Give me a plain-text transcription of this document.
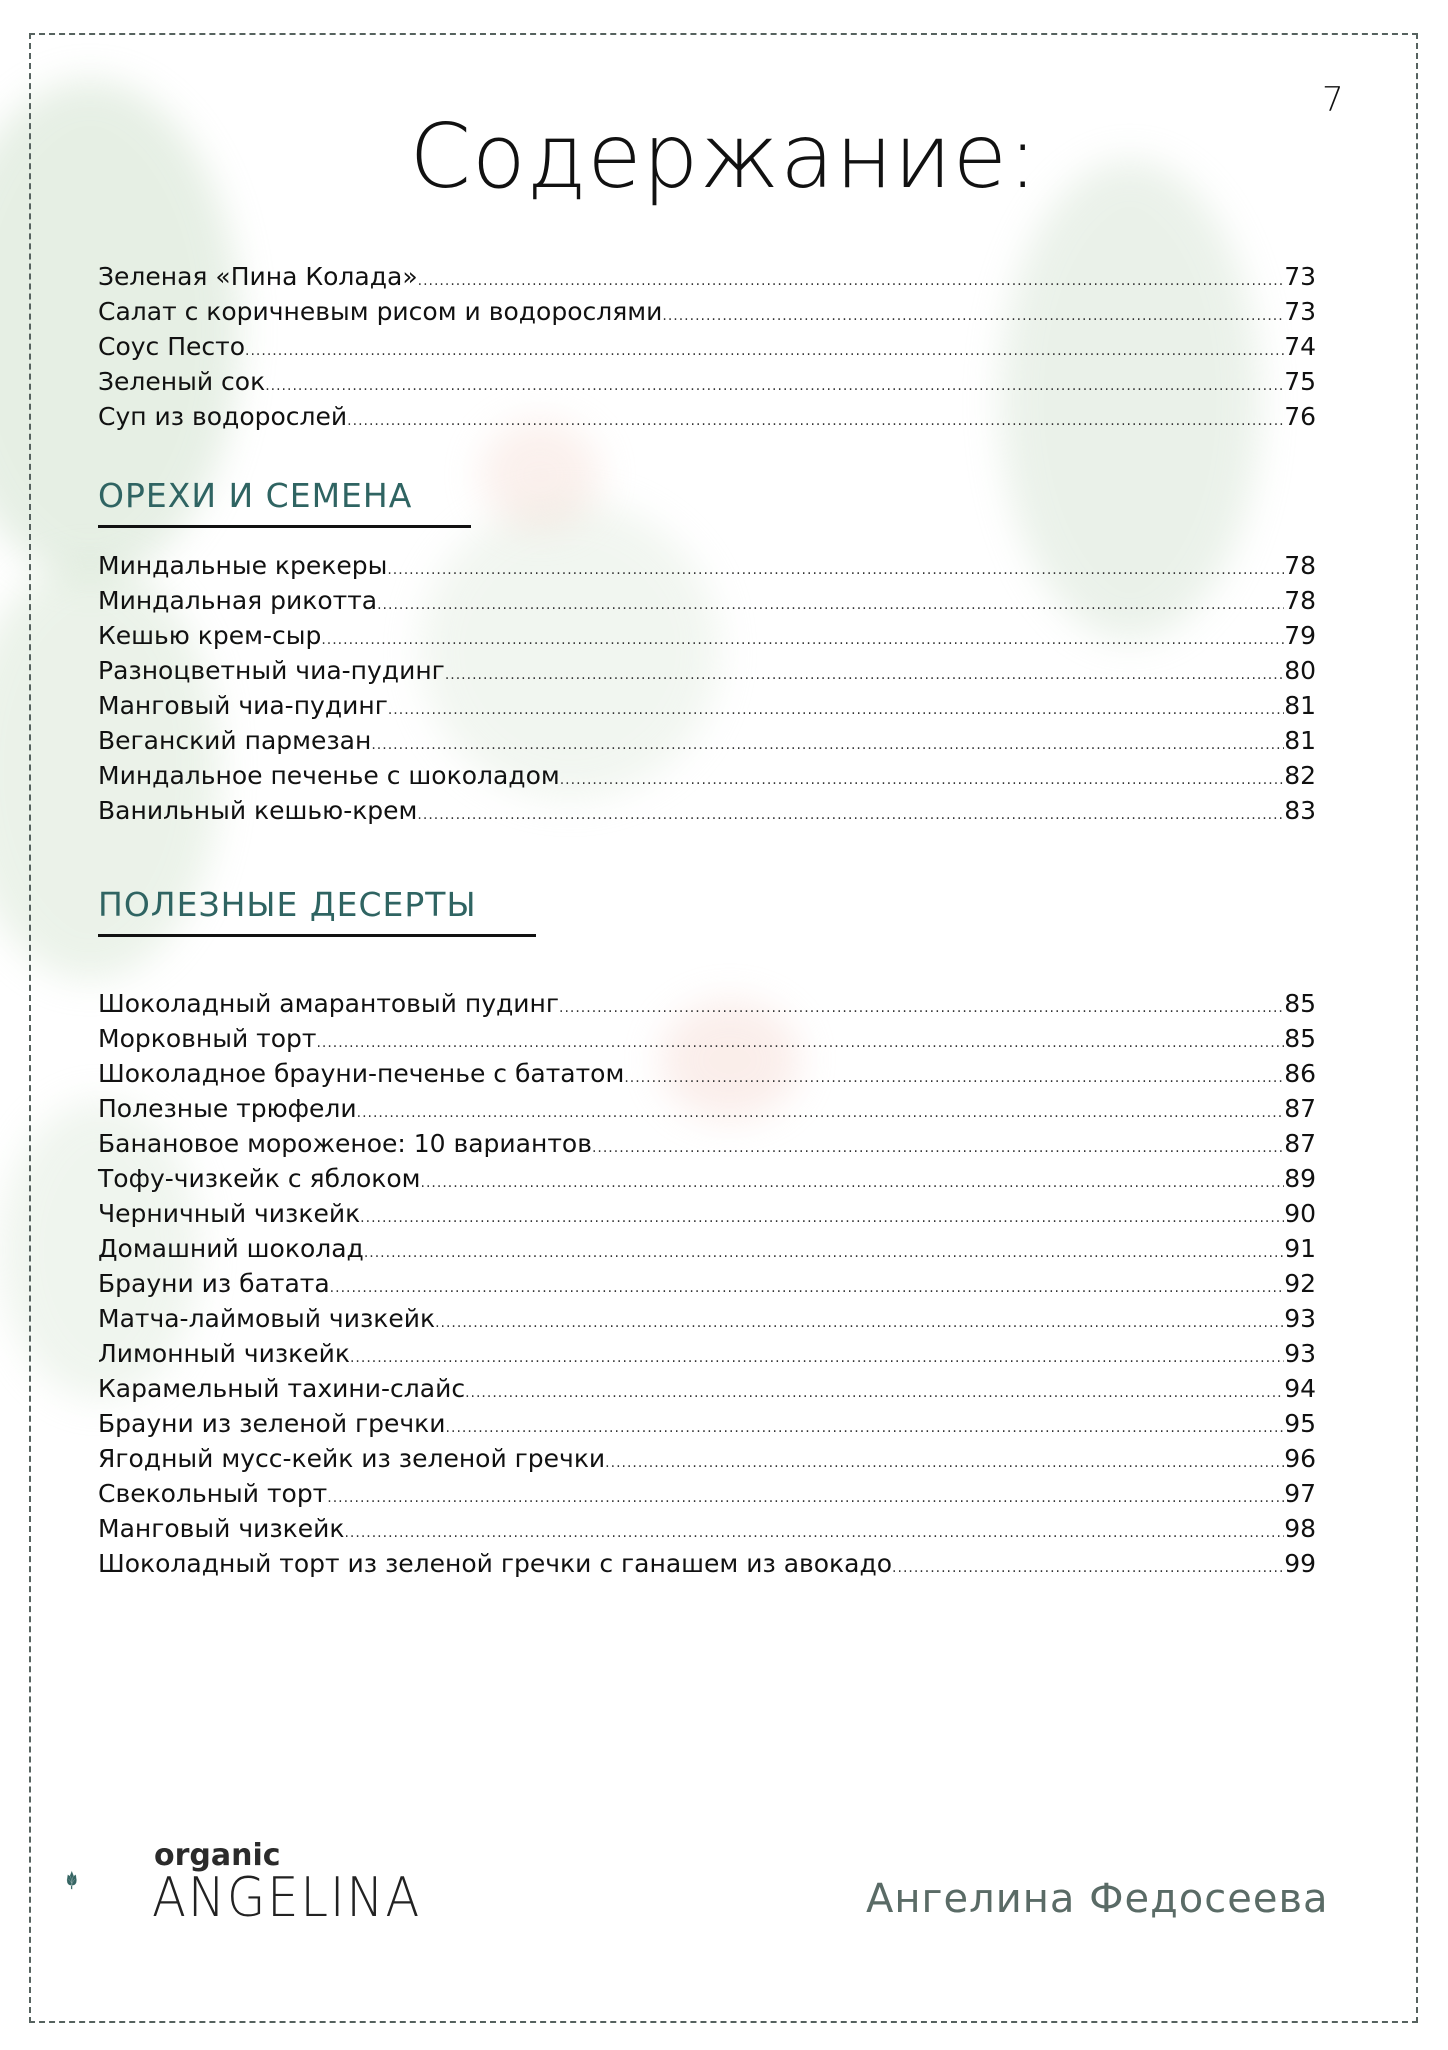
7
Содержание:
Зеленая «Пина Колада» .....	73
Салат с коричневым рисом и водорослями .....	73
Соус Песто .....	74
Зеленый сок .....	75
Суп из водорослей .....	76
ОРЕХИ И СЕМЕНА
Миндальные крекеры .....	78
Миндальная рикотта .....	78
Кешью крем-сыр .....	79
Разноцветный чиа-пудинг .....	80
Манговый чиа-пудинг .....	81
Веганский пармезан .....	81
Миндальное печенье с шоколадом .....	82
Ванильный кешью-крем .....	83
ПОЛЕЗНЫЕ ДЕСЕРТЫ
Шоколадный амарантовый пудинг .....	85
Морковный торт .....	85
Шоколадное брауни-печенье с бататом .....	86
Полезные трюфели .....	87
Банановое мороженое: 10 вариантов .....	87
Тофу-чизкейк с яблоком .....	89
Черничный чизкейк .....	90
Домашний шоколад .....	91
Брауни из батата .....	92
Матча-лаймовый чизкейк .....	93
Лимонный чизкейк .....	93
Карамельный тахини-слайс .....	94
Брауни из зеленой гречки .....	95
Ягодный мусс-кейк из зеленой гречки .....	96
Свекольный торт .....	97
Манговый чизкейк .....	98
Шоколадный торт из зеленой гречки с ганашем из авокадо .....	99
organic
ANGELINA	Ангелина Федосеева
